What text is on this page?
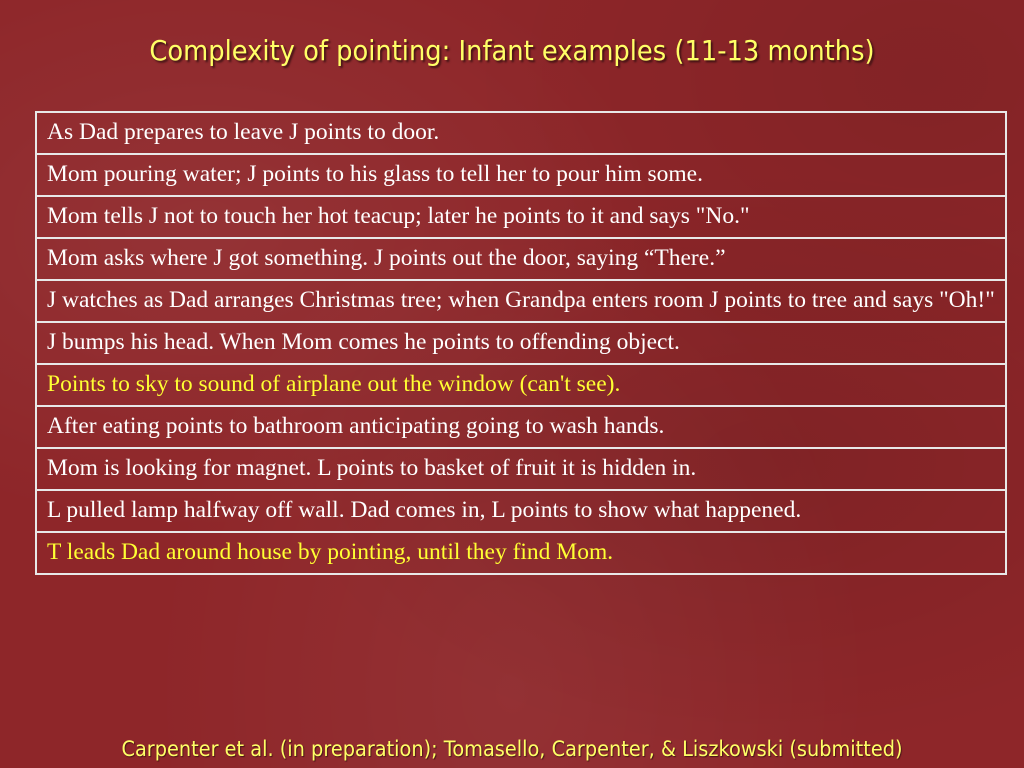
Complexity of pointing: Infant examples (11-13 months)
As Dad prepares to leave J points to door.
Mom pouring water; J points to his glass to tell her to pour him some.
Mom tells J not to touch her hot teacup; later he points to it and says "No."
Mom asks where J got something. J points out the door, saying “There.”
J watches as Dad arranges Christmas tree; when Grandpa enters room J points to tree and says "Oh!"
J bumps his head. When Mom comes he points to offending object.
Points to sky to sound of airplane out the window (can't see).
After eating points to bathroom anticipating going to wash hands.
Mom is looking for magnet. L points to basket of fruit it is hidden in.
L pulled lamp halfway off wall. Dad comes in, L points to show what happened.
T leads Dad around house by pointing, until they find Mom.

Carpenter et al. (in preparation); Tomasello, Carpenter, & Liszkowski (submitted)
